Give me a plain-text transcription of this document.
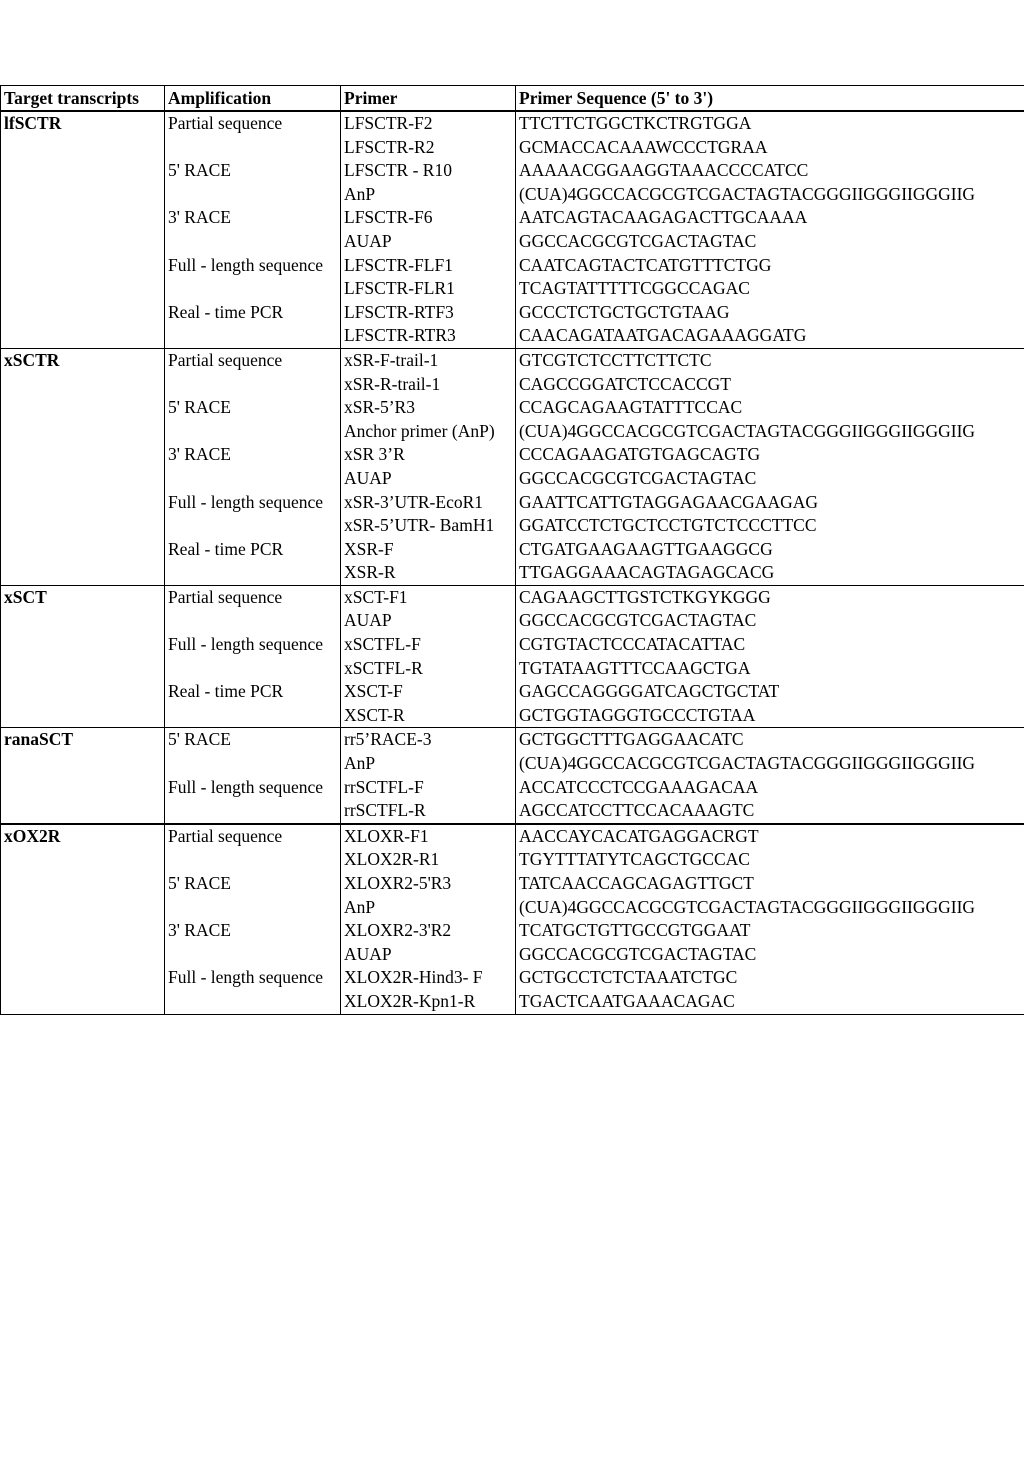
Target transcripts	Amplification	Primer	Primer Sequence (5' to 3')
lfSCTR	Partial sequence	LFSCTR-F2	TTCTTCTGGCTKCTRGTGGA
		LFSCTR-R2	GCMACCACAAAWCCCTGRAA
	5' RACE	LFSCTR - R10	AAAAACGGAAGGTAAACCCCATCC
		AnP	(CUA)4GGCCACGCGTCGACTAGTACGGGIIGGGIIGGGIIG
	3' RACE	LFSCTR-F6	AATCAGTACAAGAGACTTGCAAAA
		AUAP	GGCCACGCGTCGACTAGTAC
	Full - length sequence	LFSCTR-FLF1	CAATCAGTACTCATGTTTCTGG
		LFSCTR-FLR1	TCAGTATTTTTCGGCCAGAC
	Real - time PCR	LFSCTR-RTF3	GCCCTCTGCTGCTGTAAG
		LFSCTR-RTR3	CAACAGATAATGACAGAAAGGATG
xSCTR	Partial sequence	xSR-F-trail-1	GTCGTCTCCTTCTTCTC
		xSR-R-trail-1	CAGCCGGATCTCCACCGT
	5' RACE	xSR-5’R3	CCAGCAGAAGTATTTCCAC
		Anchor primer (AnP)	(CUA)4GGCCACGCGTCGACTAGTACGGGIIGGGIIGGGIIG
	3' RACE	xSR 3’R	CCCAGAAGATGTGAGCAGTG
		AUAP	GGCCACGCGTCGACTAGTAC
	Full - length sequence	xSR-3’UTR-EcoR1	GAATTCATTGTAGGAGAACGAAGAG
		xSR-5’UTR- BamH1	GGATCCTCTGCTCCTGTCTCCCTTCC
	Real - time PCR	XSR-F	CTGATGAAGAAGTTGAAGGCG
		XSR-R	TTGAGGAAACAGTAGAGCACG
xSCT	Partial sequence	xSCT-F1	CAGAAGCTTGSTCTKGYKGGG
		AUAP	GGCCACGCGTCGACTAGTAC
	Full - length sequence	xSCTFL-F	CGTGTACTCCCATACATTAC
		xSCTFL-R	TGTATAAGTTTCCAAGCTGA
	Real - time PCR	XSCT-F	GAGCCAGGGGATCAGCTGCTAT
		XSCT-R	GCTGGTAGGGTGCCCTGTAA
ranaSCT	5' RACE	rr5’RACE-3	GCTGGCTTTGAGGAACATC
		AnP	(CUA)4GGCCACGCGTCGACTAGTACGGGIIGGGIIGGGIIG
	Full - length sequence	rrSCTFL-F	ACCATCCCTCCGAAAGACAA
		rrSCTFL-R	AGCCATCCTTCCACAAAGTC
xOX2R	Partial sequence	XLOXR-F1	AACCAYCACATGAGGACRGT
		XLOX2R-R1	TGYTTTATYTCAGCTGCCAC
	5' RACE	XLOXR2-5'R3	TATCAACCAGCAGAGTTGCT
		AnP	(CUA)4GGCCACGCGTCGACTAGTACGGGIIGGGIIGGGIIG
	3' RACE	XLOXR2-3'R2	TCATGCTGTTGCCGTGGAAT
		AUAP	GGCCACGCGTCGACTAGTAC
	Full - length sequence	XLOX2R-Hind3- F	GCTGCCTCTCTAAATCTGC
		XLOX2R-Kpn1-R	TGACTCAATGAAACAGAC
